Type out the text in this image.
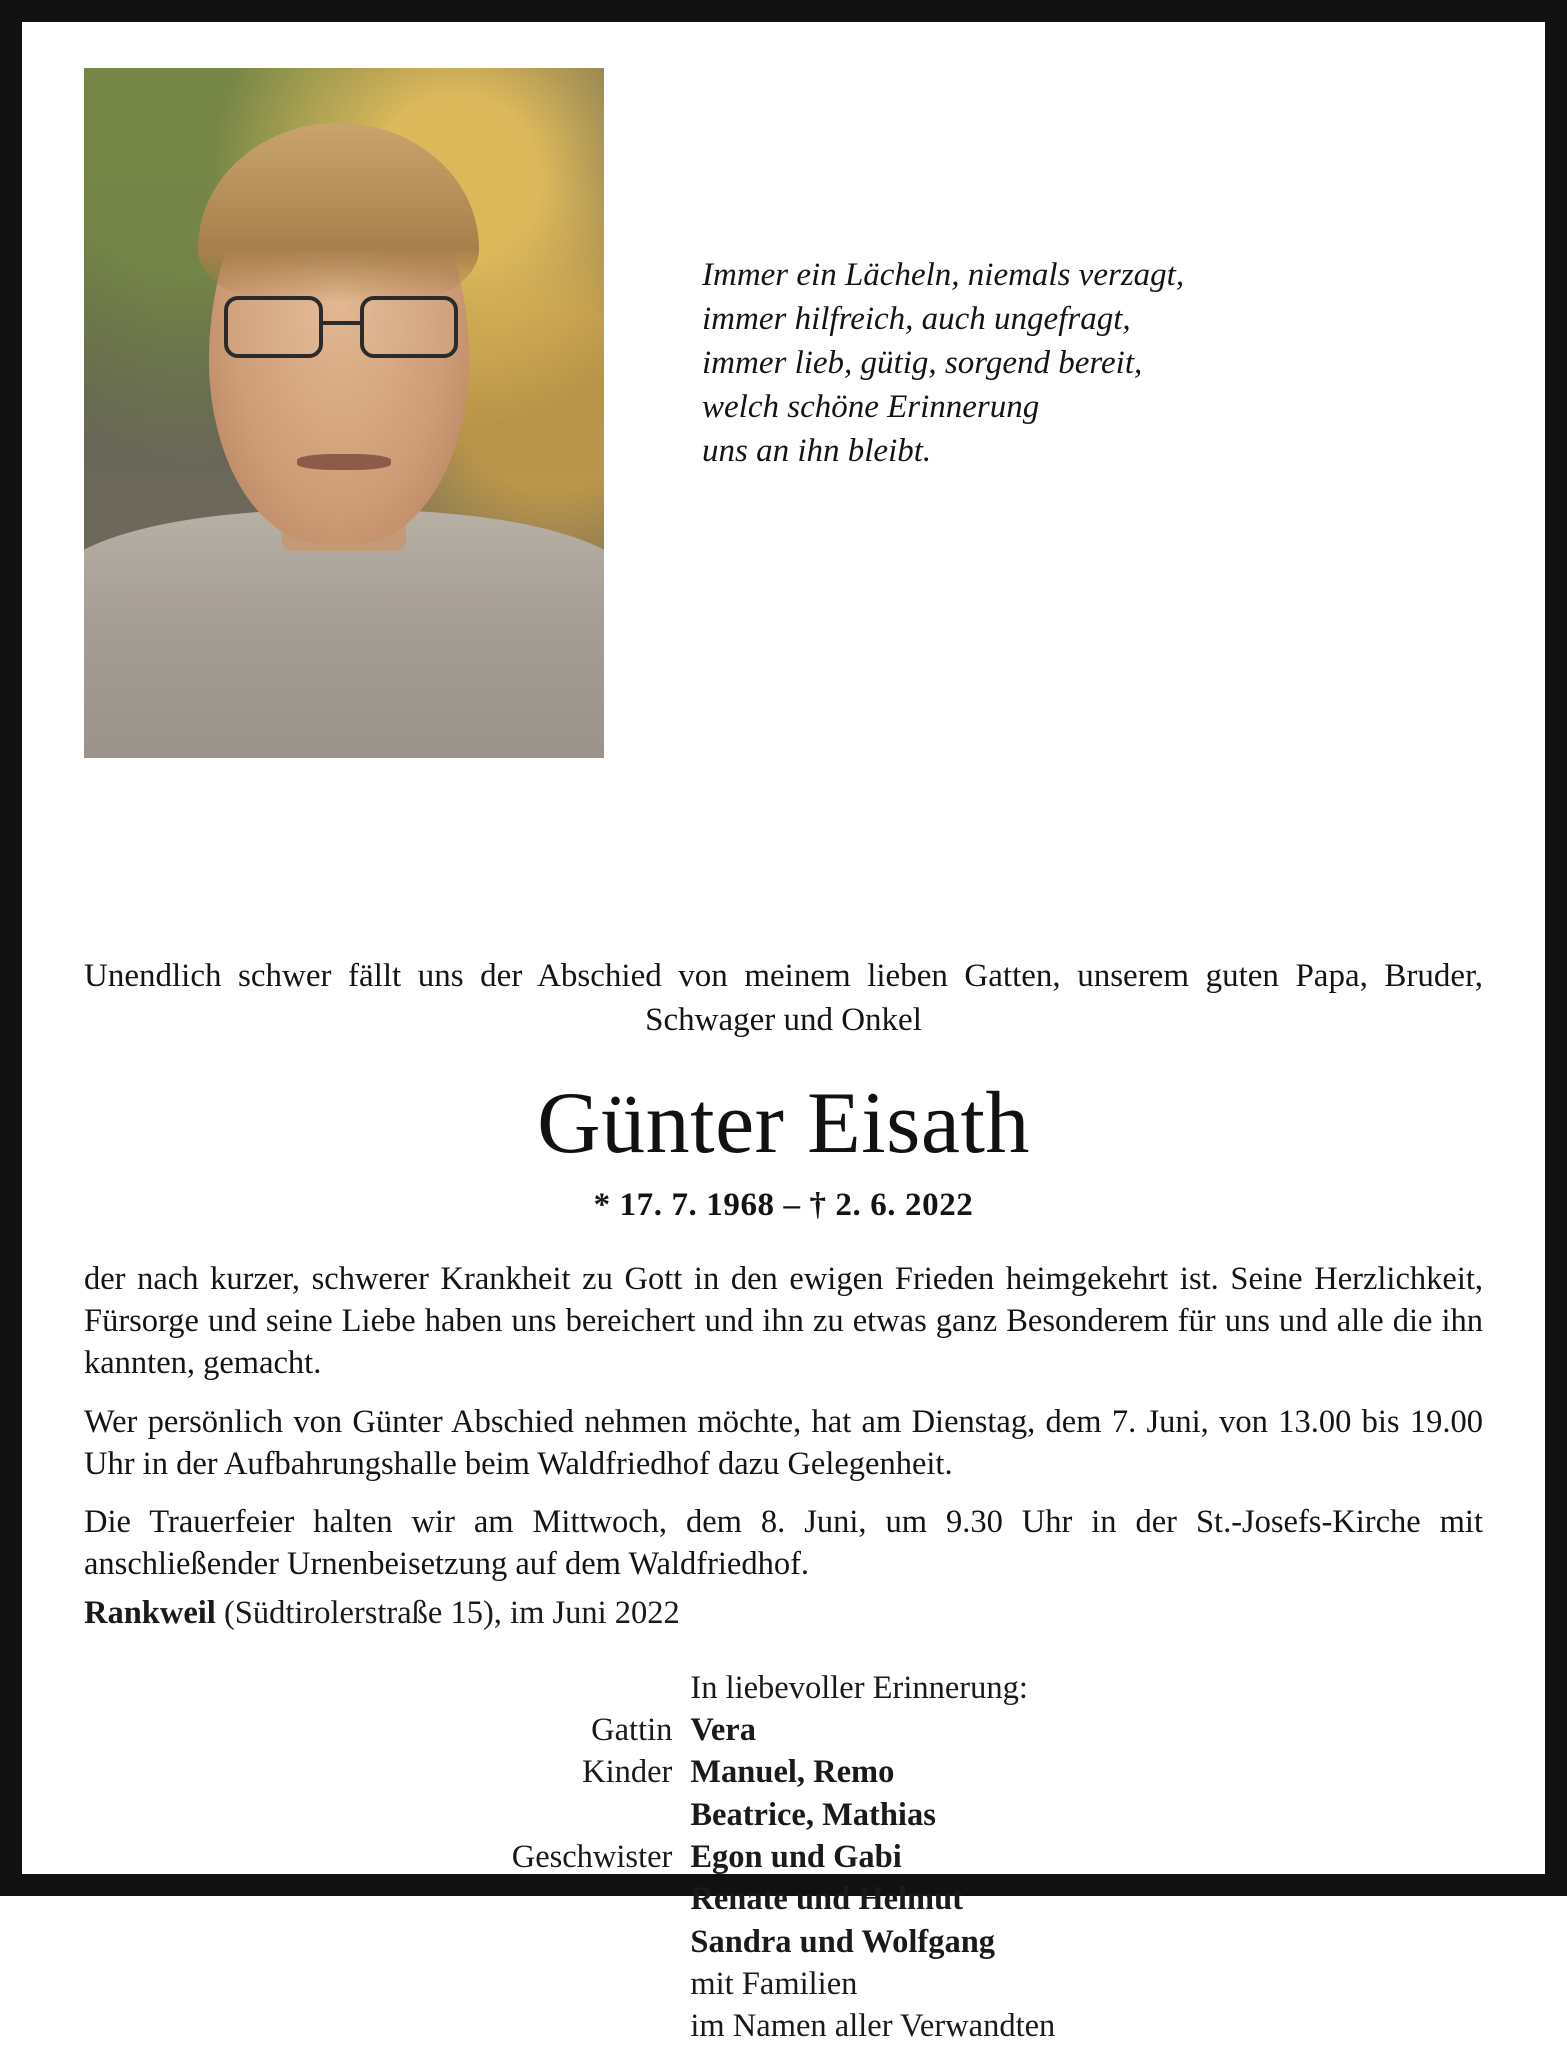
Immer ein Lächeln, niemals verzagt,
immer hilfreich, auch ungefragt,
immer lieb, gütig, sorgend bereit,
welch schöne Erinnerung
uns an ihn bleibt.
Unendlich schwer fällt uns der Abschied von meinem lieben Gatten, unserem guten Papa, Bruder, Schwager und Onkel
Günter Eisath
* 17. 7. 1968 – † 2. 6. 2022

der nach kurzer, schwerer Krankheit zu Gott in den ewigen Frieden heimgekehrt ist. Seine Herzlichkeit, Fürsorge und seine Liebe haben uns bereichert und ihn zu etwas ganz Besonderem für uns und alle die ihn kannten, gemacht.

Wer persönlich von Günter Abschied nehmen möchte, hat am Dienstag, dem 7. Juni, von 13.00 bis 19.00 Uhr in der Aufbahrungshalle beim Waldfriedhof dazu Gelegenheit.

Die Trauerfeier halten wir am Mittwoch, dem 8. Juni, um 9.30 Uhr in der St.-Josefs-Kirche mit anschließender Urnenbeisetzung auf dem Waldfriedhof.

Rankweil (Südtirolerstraße 15), im Juni 2022
In liebevoller Erinnerung:
Gattin Vera
Kinder Manuel, Remo
Beatrice, Mathias
Geschwister Egon und Gabi
Renate und Helmut
Sandra und Wolfgang
mit Familien
im Namen aller Verwandten
